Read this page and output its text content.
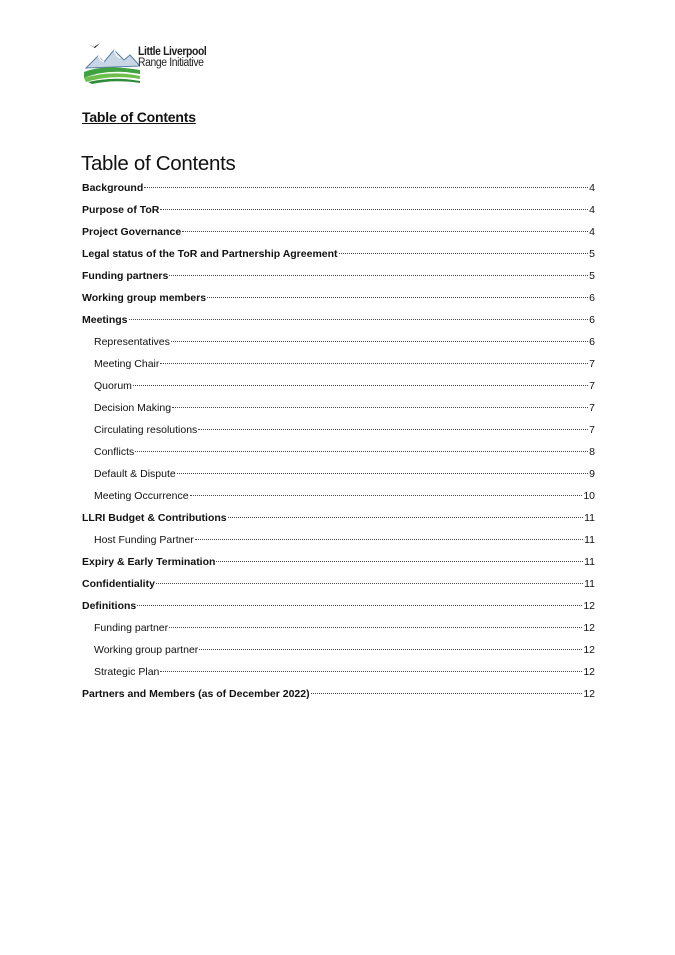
Little Liverpool
Range Initiative
Table of Contents
Table of Contents
Background	4
Purpose of ToR	4
Project Governance	4
Legal status of the ToR and Partnership Agreement	5
Funding partners	5
Working group members	6
Meetings	6
Representatives	6
Meeting Chair	7
Quorum	7
Decision Making	7
Circulating resolutions	7
Conflicts	8
Default & Dispute	9
Meeting Occurrence	10
LLRI Budget & Contributions	11
Host Funding Partner	11
Expiry & Early Termination	11
Confidentiality	11
Definitions	12
Funding partner	12
Working group partner	12
Strategic Plan	12
Partners and Members (as of December 2022)	12
